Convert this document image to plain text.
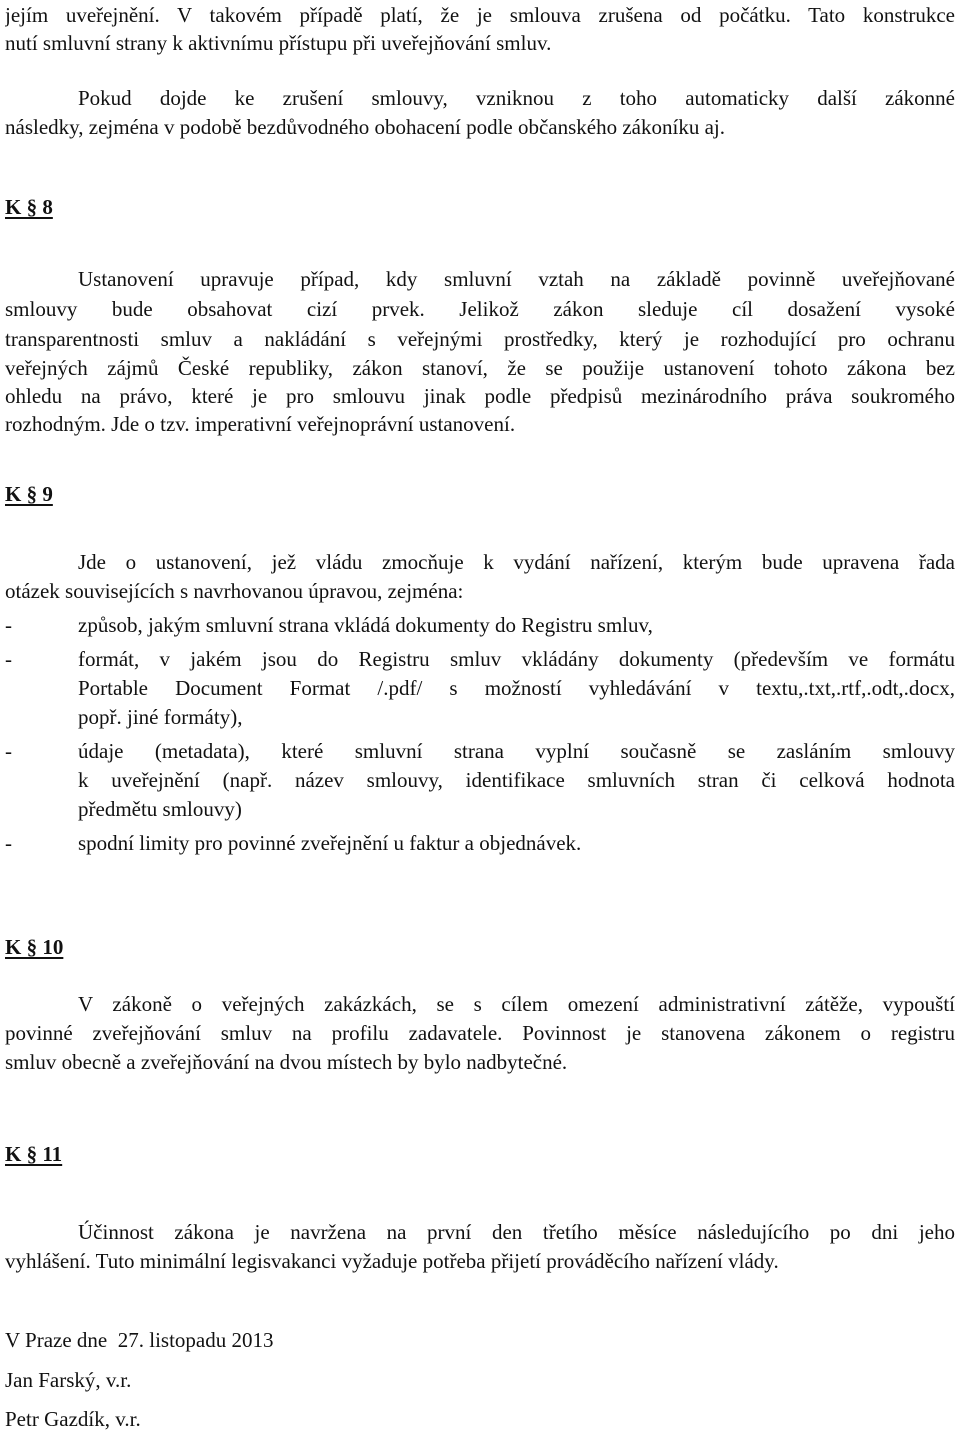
jejím uveřejnění. V takovém případě platí, že je smlouva zrušena od počátku. Tato konstrukce
nutí smluvní strany k aktivnímu přístupu při uveřejňování smluv.
Pokud dojde ke zrušení smlouvy, vzniknou z toho automaticky další zákonné
následky, zejména v podobě bezdůvodného obohacení podle občanského zákoníku aj.
K § 8
Ustanovení upravuje případ, kdy smluvní vztah na základě povinně uveřejňované
smlouvy bude obsahovat cizí prvek. Jelikož zákon sleduje cíl dosažení vysoké
transparentnosti smluv a nakládání s veřejnými prostředky, který je rozhodující pro ochranu
veřejných zájmů České republiky, zákon stanoví, že se použije ustanovení tohoto zákona bez
ohledu na právo, které je pro smlouvu jinak podle předpisů mezinárodního práva soukromého
rozhodným. Jde o tzv. imperativní veřejnoprávní ustanovení.
K § 9
Jde o ustanovení, jež vládu zmocňuje k vydání nařízení, kterým bude upravena řada
otázek souvisejících s navrhovanou úpravou, zejména:
-	způsob, jakým smluvní strana vkládá dokumenty do Registru smluv,
-	formát, v jakém jsou do Registru smluv vkládány dokumenty (především ve formátu
Portable Document Format /.pdf/ s možností vyhledávání v textu,.txt,.rtf,.odt,.docx,
popř. jiné formáty),
-	údaje (metadata), které smluvní strana vyplní současně se zasláním smlouvy
k uveřejnění (např. název smlouvy, identifikace smluvních stran či celková hodnota
předmětu smlouvy)
-	spodní limity pro povinné zveřejnění u faktur a objednávek.
K § 10
V zákoně o veřejných zakázkách, se s cílem omezení administrativní zátěže, vypouští
povinné zveřejňování smluv na profilu zadavatele. Povinnost je stanovena zákonem o registru
smluv obecně a zveřejňování na dvou místech by bylo nadbytečné.
K § 11
Účinnost zákona je navržena na první den třetího měsíce následujícího po dni jeho
vyhlášení. Tuto minimální legisvakanci vyžaduje potřeba přijetí prováděcího nařízení vlády.
V Praze dne  27. listopadu 2013
Jan Farský, v.r.
Petr Gazdík, v.r.
